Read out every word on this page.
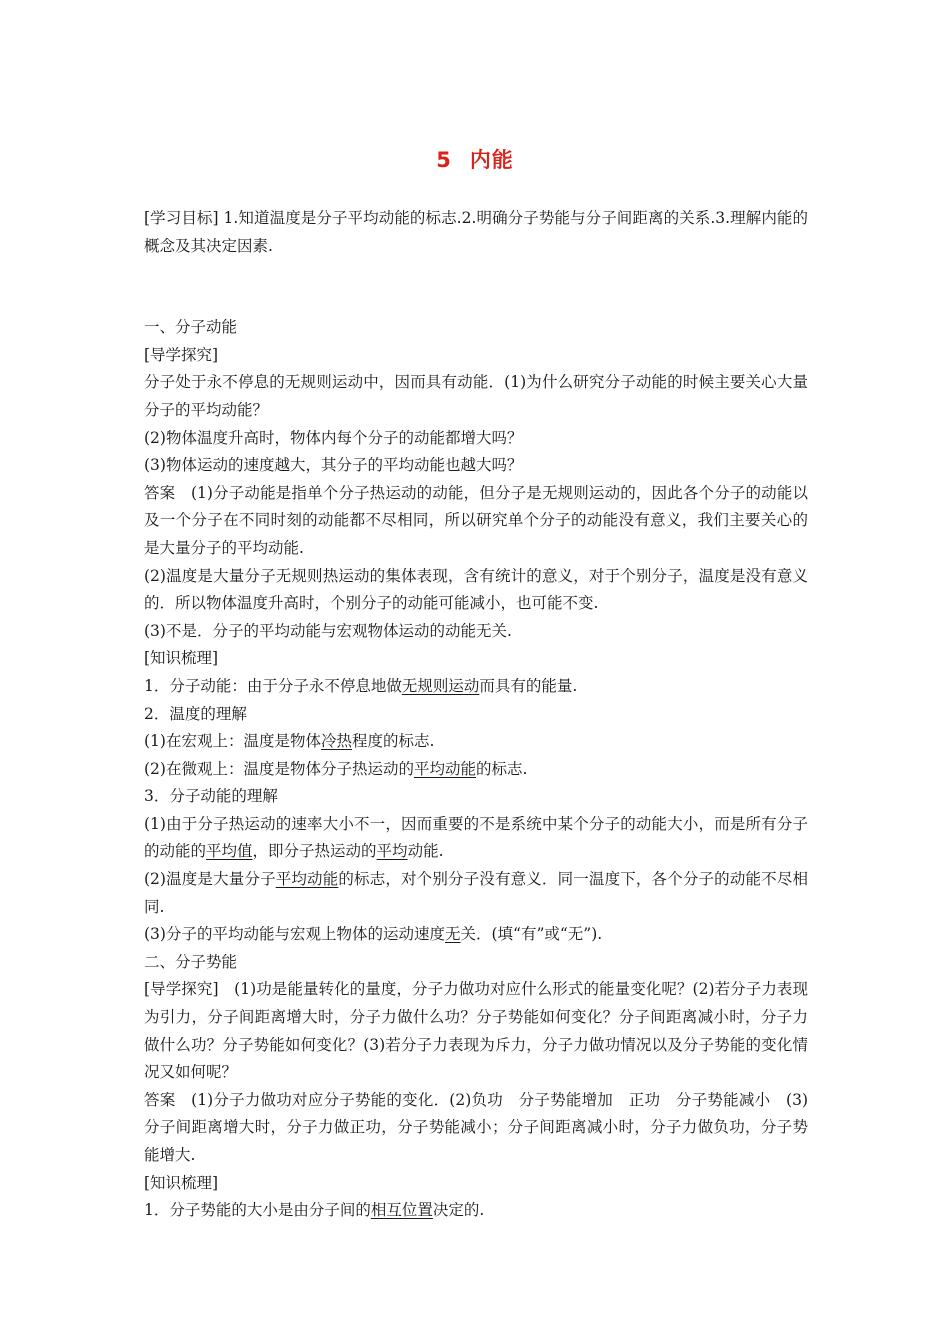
5 内能

[学习目标] 1.知道温度是分子平均动能的标志.2.明确分子势能与分子间距离的关系.3.理解内能的概念及其决定因素.

一、分子动能

[导学探究]

分子处于永不停息的无规则运动中，因而具有动能．(1)为什么研究分子动能的时候主要关心大量分子的平均动能？

(2)物体温度升高时，物体内每个分子的动能都增大吗？

(3)物体运动的速度越大，其分子的平均动能也越大吗？

答案　(1)分子动能是指单个分子热运动的动能，但分子是无规则运动的，因此各个分子的动能以及一个分子在不同时刻的动能都不尽相同，所以研究单个分子的动能没有意义，我们主要关心的是大量分子的平均动能.

(2)温度是大量分子无规则热运动的集体表现，含有统计的意义，对于个别分子，温度是没有意义的．所以物体温度升高时，个别分子的动能可能减小，也可能不变.

(3)不是．分子的平均动能与宏观物体运动的动能无关.

[知识梳理]

1．分子动能：由于分子永不停息地做无规则运动而具有的能量.

2．温度的理解

(1)在宏观上：温度是物体冷热程度的标志.

(2)在微观上：温度是物体分子热运动的平均动能的标志.

3．分子动能的理解

(1)由于分子热运动的速率大小不一，因而重要的不是系统中某个分子的动能大小，而是所有分子的动能的平均值，即分子热运动的平均动能.

(2)温度是大量分子平均动能的标志，对个别分子没有意义．同一温度下，各个分子的动能不尽相同.

(3)分子的平均动能与宏观上物体的运动速度无关．(填“有”或“无”).

二、分子势能

[导学探究]　(1)功是能量转化的量度，分子力做功对应什么形式的能量变化呢？(2)若分子力表现为引力，分子间距离增大时，分子力做什么功？分子势能如何变化？分子间距离减小时，分子力做什么功？分子势能如何变化？(3)若分子力表现为斥力，分子力做功情况以及分子势能的变化情况又如何呢？

答案　(1)分子力做功对应分子势能的变化．(2)负功　分子势能增加　正功　分子势能减小　(3)分子间距离增大时，分子力做正功，分子势能减小；分子间距离减小时，分子力做负功，分子势能增大.

[知识梳理]

1．分子势能的大小是由分子间的相互位置决定的.
